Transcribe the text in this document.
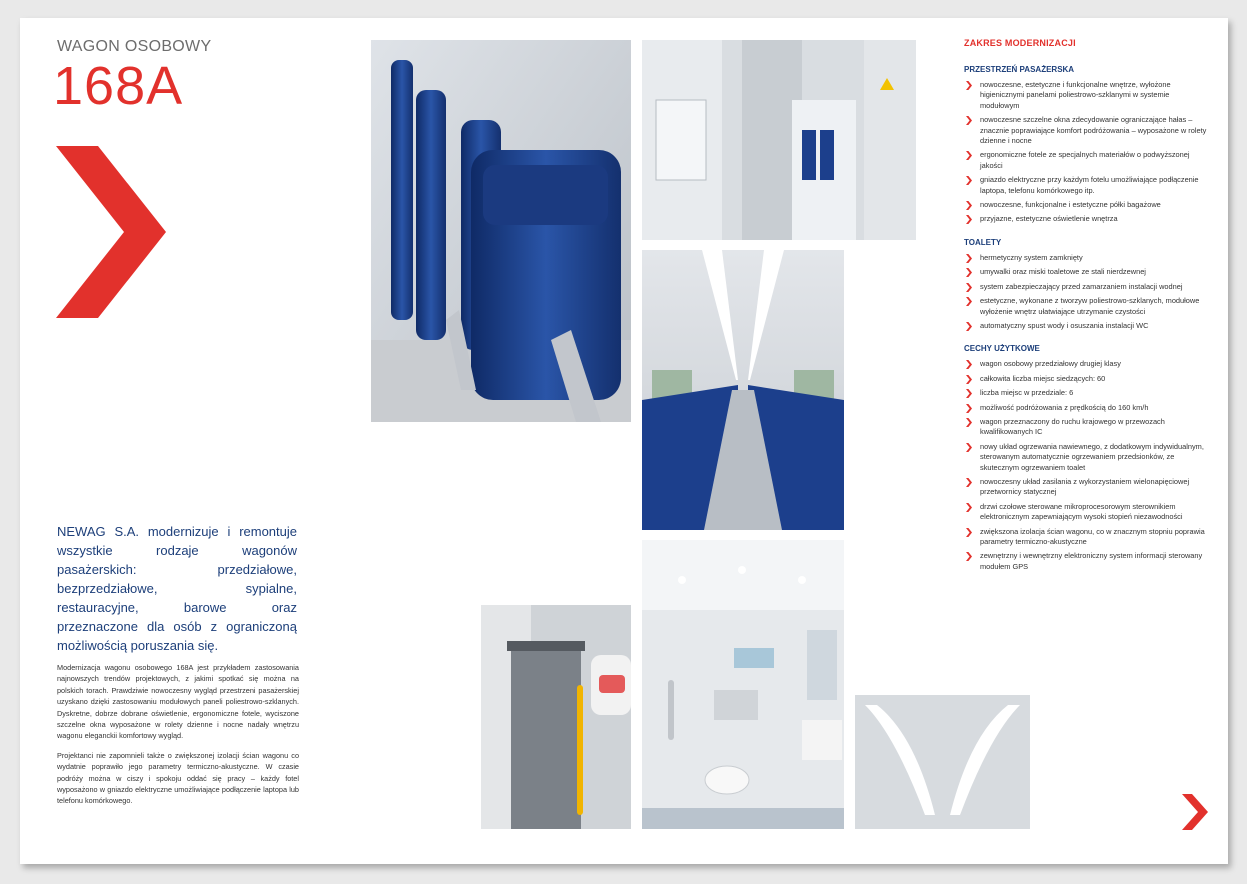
WAGON OSOBOWY
168A
NEWAG S.A. modernizuje i remontuje wszystkie rodzaje wagonów pasażerskich: przedziałowe, bezprzedziałowe, sypialne, restauracyjne, barowe oraz przeznaczone dla osób z ograniczoną możliwością poruszania się.

Modernizacja wagonu osobowego 168A jest przykładem zastosowania najnowszych trendów projektowych, z jakimi spotkać się można na polskich torach. Prawdziwie nowoczesny wygląd przestrzeni pasażerskiej uzyskano dzięki zastosowaniu modułowych paneli poliestrowo-szklanych. Dyskretne, dobrze dobrane oświetlenie, ergonomiczne fotele, wyciszone szczelne okna wyposażone w rolety dzienne i nocne nadały wnętrzu wagonu eleganckii komfortowy wygląd.

Projektanci nie zapomnieli także o zwiększonej izolacji ścian wagonu co wydatnie poprawiło jego parametry termiczno-akustyczne. W czasie podróży można w ciszy i spokoju oddać się pracy – każdy fotel wyposażono w gniazdo elektryczne umożliwiające podłączenie laptopa lub telefonu komórkowego.

ZAKRES MODERNIZACJI
PRZESTRZEŃ PASAŻERSKA
nowoczesne, estetyczne i funkcjonalne wnętrze, wyłożone higienicznymi panelami poliestrowo-szklanymi w systemie modułowym
nowoczesne szczelne okna zdecydowanie ograniczające hałas – znacznie poprawiające komfort podróżowania – wyposażone w rolety dzienne i nocne
ergonomiczne fotele ze specjalnych materiałów o podwyższonej jakości
gniazdo elektryczne przy każdym fotelu umożliwiające podłączenie laptopa, telefonu komórkowego itp.
nowoczesne, funkcjonalne i estetyczne półki bagażowe
przyjazne, estetyczne oświetlenie wnętrza
TOALETY
hermetyczny system zamknięty
umywalki oraz miski toaletowe ze stali nierdzewnej
system zabezpieczający przed zamarzaniem instalacji wodnej
estetyczne, wykonane z tworzyw poliestrowo-szklanych, modułowe wyłożenie wnętrz ułatwiające utrzymanie czystości
automatyczny spust wody i osuszania instalacji WC
CECHY UŻYTKOWE
wagon osobowy przedziałowy drugiej klasy
całkowita liczba miejsc siedzących: 60
liczba miejsc w przedziale: 6
możliwość podróżowania z prędkością do 160 km/h
wagon przeznaczony do ruchu krajowego w przewozach kwalifikowanych IC
nowy układ ogrzewania nawiewnego, z dodatkowym indywidualnym, sterowanym automatycznie ogrzewaniem przedsionków, ze skutecznym ogrzewaniem toalet
nowoczesny układ zasilania z wykorzystaniem wielonapięciowej przetwornicy statycznej
drzwi czołowe sterowane mikroprocesorowym sterownikiem elektronicznym zapewniającym wysoki stopień niezawodności
zwiększona izolacja ścian wagonu, co w znacznym stopniu poprawia parametry termiczno-akustyczne
zewnętrzny i wewnętrzny elektroniczny system informacji sterowany modułem GPS
